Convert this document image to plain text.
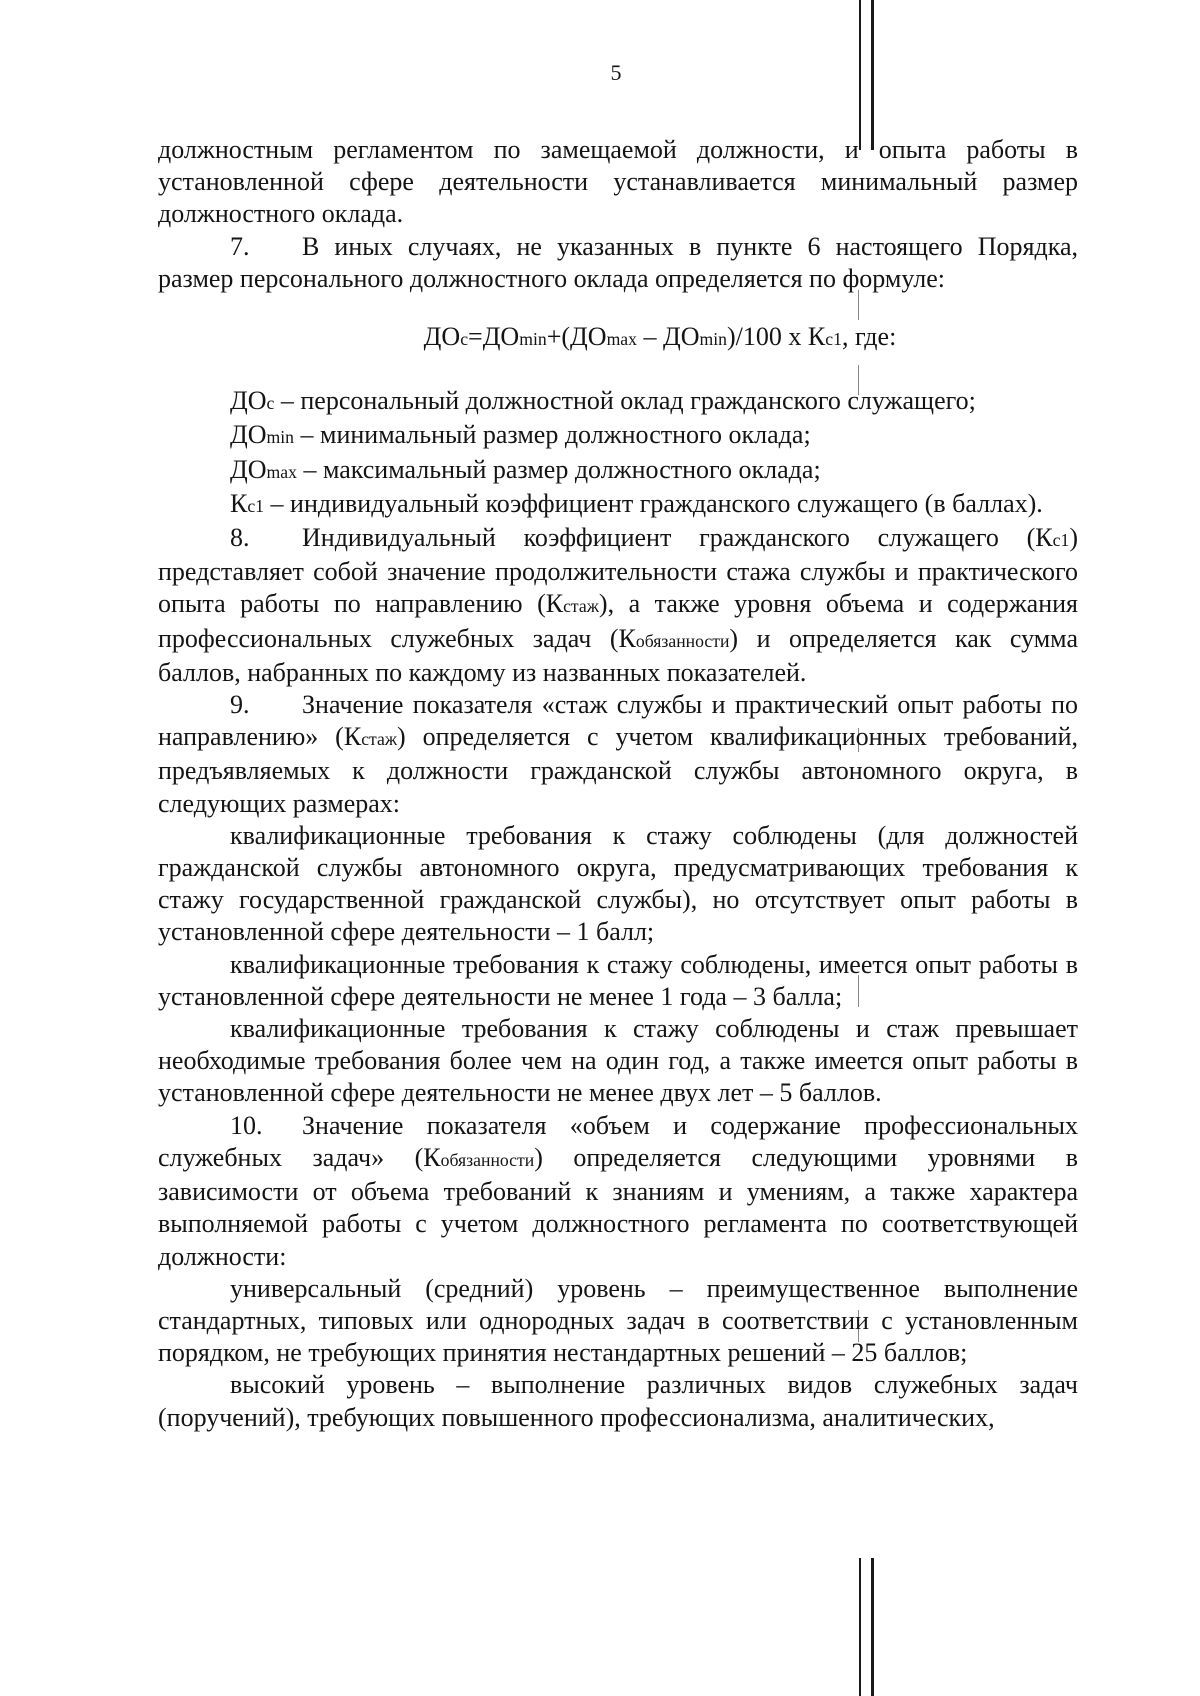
5

должностным регламентом по замещаемой должности, и опыта работы в установленной сфере деятельности устанавливается минимальный размер должностного оклада.

7. В иных случаях, не указанных в пункте 6 настоящего Порядка, размер персонального должностного оклада определяется по формуле:

ДОс=ДОmin+(ДОmax – ДОmin)/100 х Кс1, где:

ДОс – персональный должностной оклад гражданского служащего;

ДОmin – минимальный размер должностного оклада;

ДОmax – максимальный размер должностного оклада;

Кс1 – индивидуальный коэффициент гражданского служащего (в баллах).

8. Индивидуальный коэффициент гражданского служащего (Кс1) представляет собой значение продолжительности стажа службы и практического опыта работы по направлению (Кстаж), а также уровня объема и содержания профессиональных служебных задач (Кобязанности) и определяется как сумма баллов, набранных по каждому из названных показателей.

9. Значение показателя «стаж службы и практический опыт работы по направлению» (Кстаж) определяется с учетом квалификационных требований, предъявляемых к должности гражданской службы автономного округа, в следующих размерах:

квалификационные требования к стажу соблюдены (для должностей гражданской службы автономного округа, предусматривающих требования к стажу государственной гражданской службы), но отсутствует опыт работы в установленной сфере деятельности – 1 балл;

квалификационные требования к стажу соблюдены, имеется опыт работы в установленной сфере деятельности не менее 1 года – 3 балла;

квалификационные требования к стажу соблюдены и стаж превышает необходимые требования более чем на один год, а также имеется опыт работы в установленной сфере деятельности не менее двух лет – 5 баллов.

10. Значение показателя «объем и содержание профессиональных служебных задач» (Кобязанности) определяется следующими уровнями в зависимости от объема требований к знаниям и умениям, а также характера выполняемой работы с учетом должностного регламента по соответствующей должности:

универсальный (средний) уровень – преимущественное выполнение стандартных, типовых или однородных задач в соответствии с установленным порядком, не требующих принятия нестандартных решений – 25 баллов;

высокий уровень – выполнение различных видов служебных задач (поручений), требующих повышенного профессионализма, аналитических,
